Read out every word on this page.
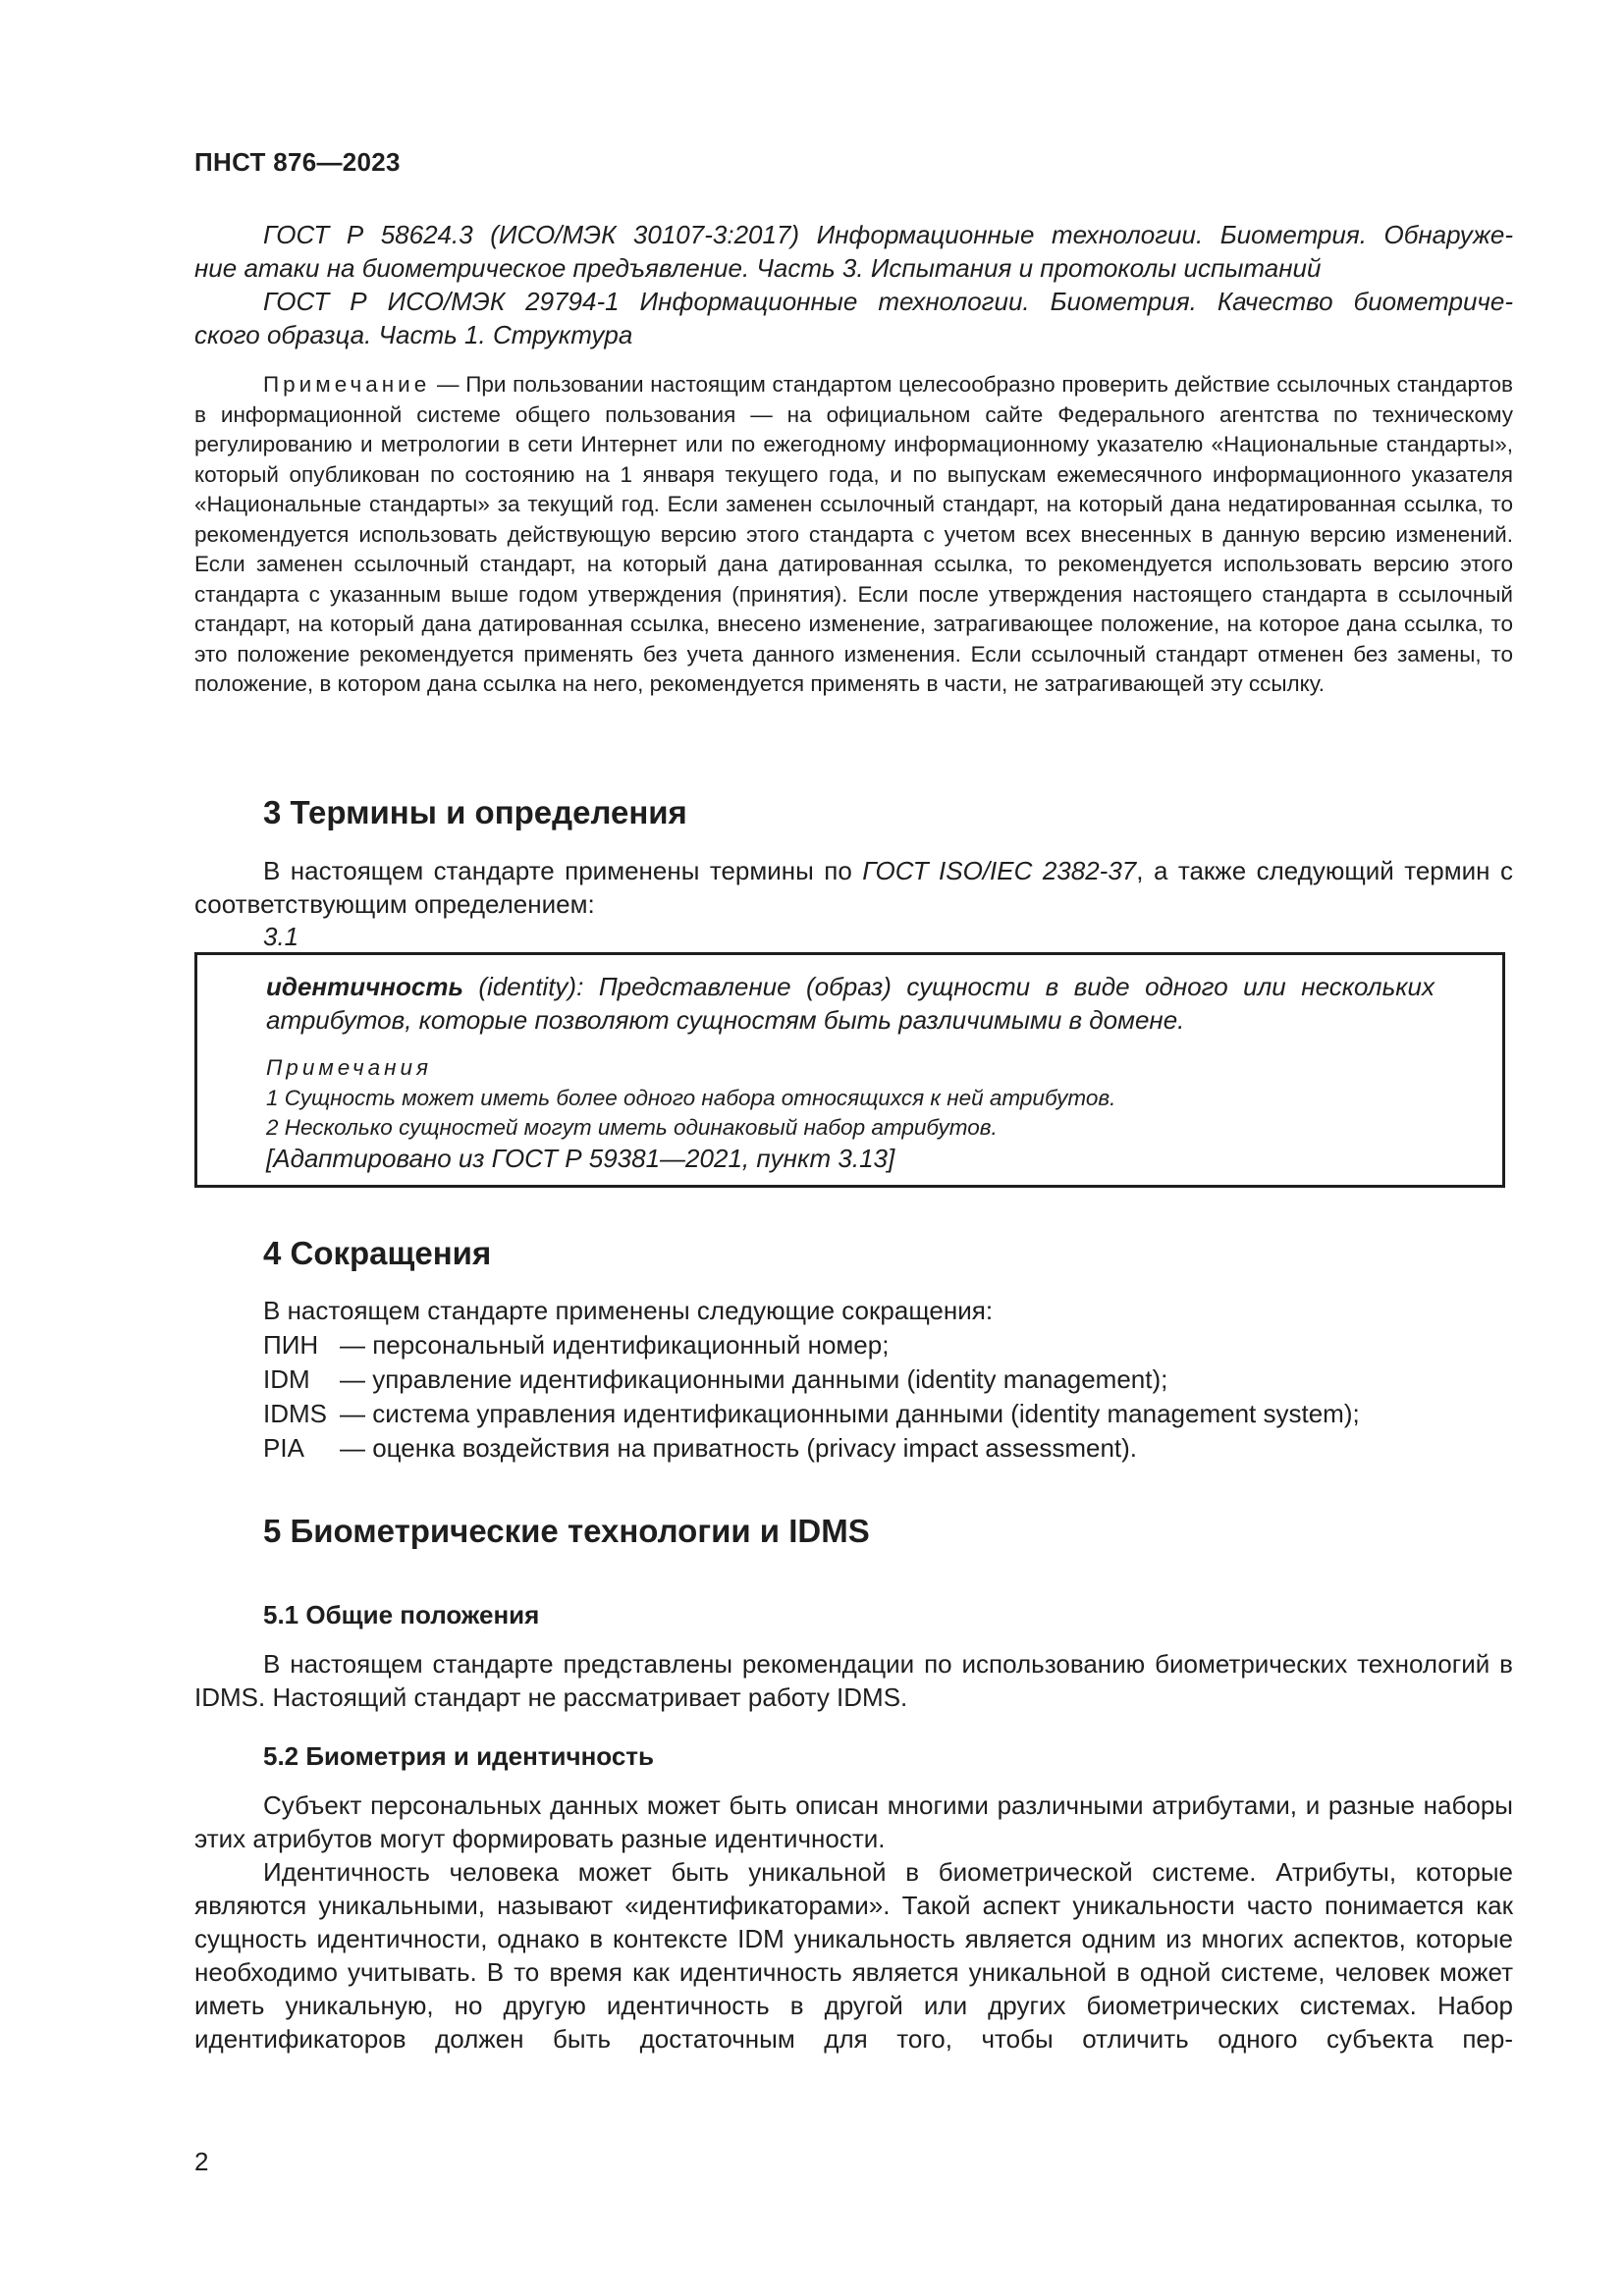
ПНСТ 876—2023

ГОСТ Р 58624.3 (ИСО/МЭК 30107-3:2017) Информационные технологии. Биометрия. Обнаруже-

ние атаки на биометрическое предъявление. Часть 3. Испытания и протоколы испытаний

ГОСТ Р ИСО/МЭК 29794-1 Информационные технологии. Биометрия. Качество биометриче-

ского образца. Часть 1. Структура

Примечание — При пользовании настоящим стандартом целесообразно проверить действие ссылочных стандартов в информационной системе общего пользования — на официальном сайте Федерального агентства по техническому регулированию и метрологии в сети Интернет или по ежегодному информационному указателю «Национальные стандарты», который опубликован по состоянию на 1 января текущего года, и по выпускам ежемесячного информационного указателя «Национальные стандарты» за текущий год. Если заменен ссылочный стандарт, на который дана недатированная ссылка, то рекомендуется использовать действующую версию этого стандарта с учетом всех внесенных в данную версию изменений. Если заменен ссылочный стандарт, на который дана датированная ссылка, то рекомендуется использовать версию этого стандарта с указанным выше годом утверждения (принятия). Если после утверждения настоящего стандарта в ссылочный стандарт, на который дана датированная ссылка, внесено изменение, затрагивающее положение, на которое дана ссылка, то это положение рекомендуется применять без учета данного изменения. Если ссылочный стандарт отменен без замены, то положение, в котором дана ссылка на него, рекомендуется применять в части, не затрагивающей эту ссылку.

3 Термины и определения

В настоящем стандарте применены термины по ГОСТ ISO/IEC 2382-37, а также следующий термин с соответствующим определением:

3.1

идентичность (identity): Представление (образ) сущности в виде одного или нескольких атрибутов, которые позволяют сущностям быть различимыми в домене.

Примечания

1 Сущность может иметь более одного набора относящихся к ней атрибутов.

2 Несколько сущностей могут иметь одинаковый набор атрибутов.

[Адаптировано из ГОСТ Р 59381—2021, пункт 3.13]
4 Сокращения

В настоящем стандарте применены следующие сокращения:

ПИН — персональный идентификационный номер;
IDM	— управление идентификационными данными (identity management);
IDMS — система управления идентификационными данными (identity management system);
PIA	— оценка воздействия на приватность (privacy impact assessment).
5 Биометрические технологии и IDMS
5.1 Общие положения

В настоящем стандарте представлены рекомендации по использованию биометрических технологий в IDMS. Настоящий стандарт не рассматривает работу IDMS.

5.2 Биометрия и идентичность

Субъект персональных данных может быть описан многими различными атрибутами, и разные наборы этих атрибутов могут формировать разные идентичности.

Идентичность человека может быть уникальной в биометрической системе. Атрибуты, которые являются уникальными, называют «идентификаторами». Такой аспект уникальности часто понимается как сущность идентичности, однако в контексте IDM уникальность является одним из многих аспектов, которые необходимо учитывать. В то время как идентичность является уникальной в одной системе, человек может иметь уникальную, но другую идентичность в другой или других биометрических системах. Набор идентификаторов должен быть достаточным для того, чтобы отличить одного субъекта пер-

2
